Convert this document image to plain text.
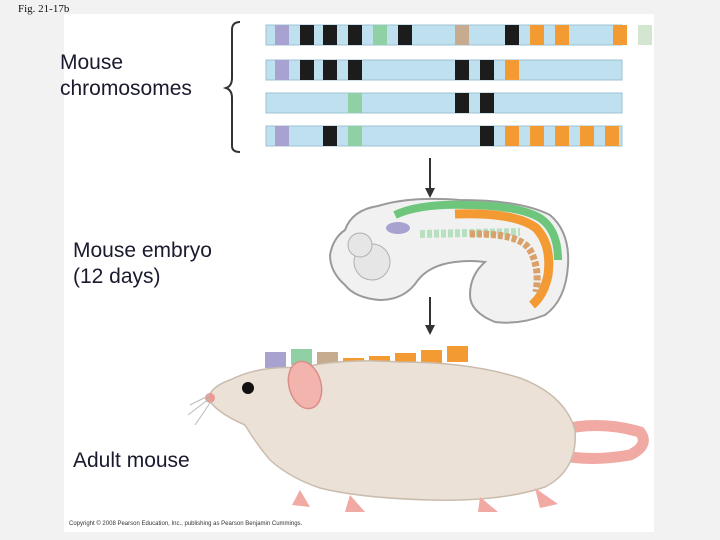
Fig. 21-17b
Mouse
chromosomes
Mouse embryo
(12 days)
Adult mouse
Copyright © 2008 Pearson Education, Inc., publishing as Pearson Benjamin Cummings.
